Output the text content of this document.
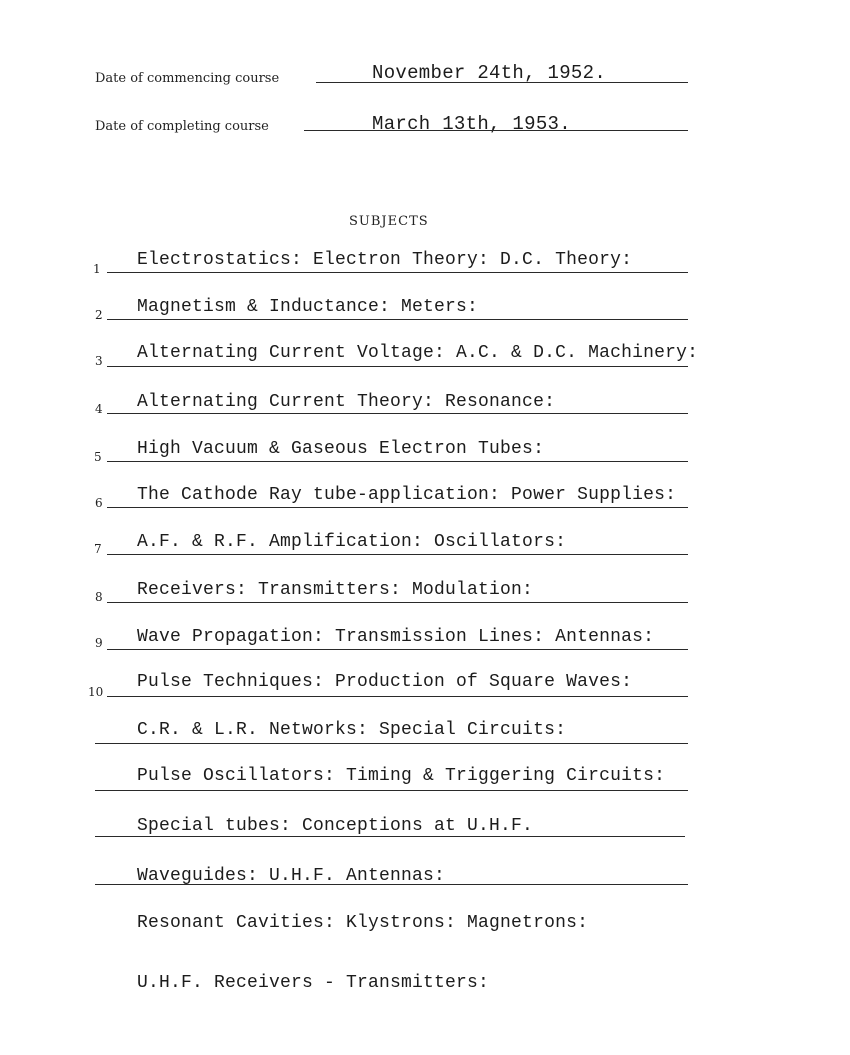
Date of commencing course	November 24th, 1952.
Date of completing course	March 13th, 1953.
SUBJECTS
1 Electrostatics: Electron Theory: D.C. Theory:
2 Magnetism & Inductance: Meters:
3 Alternating Current Voltage: A.C. & D.C. Machinery:
4 Alternating Current Theory: Resonance:
5 High Vacuum & Gaseous Electron Tubes:
6 The Cathode Ray tube-application: Power Supplies:
7 A.F. & R.F. Amplification: Oscillators:
8 Receivers: Transmitters: Modulation:
9 Wave Propagation: Transmission Lines: Antennas:
10 Pulse Techniques: Production of Square Waves:
C.R. & L.R. Networks: Special Circuits:
Pulse Oscillators: Timing & Triggering Circuits:
Special tubes: Conceptions at U.H.F.
Waveguides: U.H.F. Antennas:
Resonant Cavities: Klystrons: Magnetrons:
U.H.F. Receivers - Transmitters:
